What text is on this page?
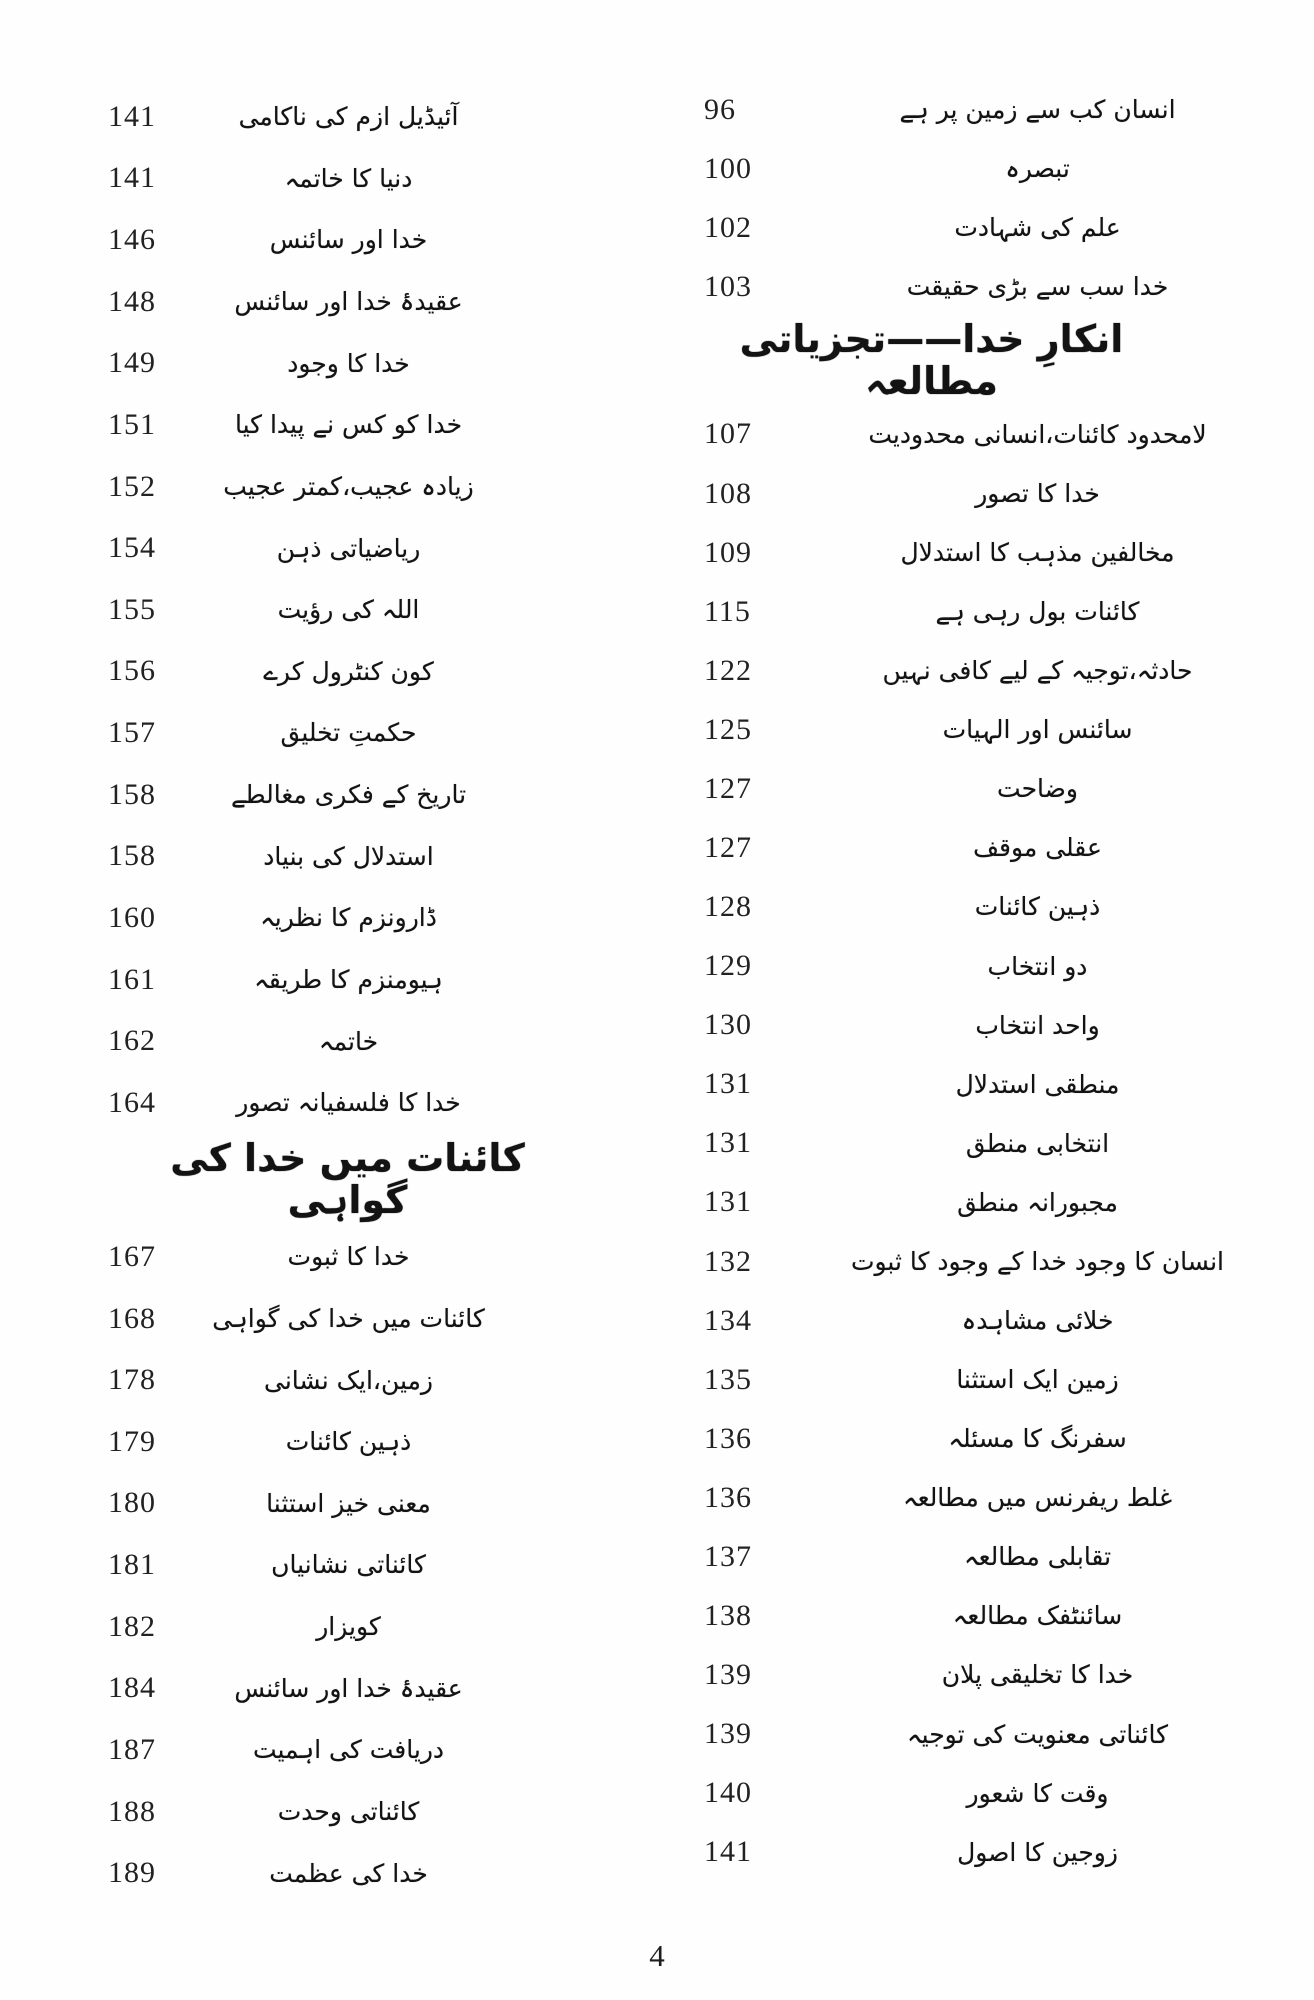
141	آئیڈیل ازم کی ناکامی
141	دنیا کا خاتمہ
146	خدا اور سائنس
148	عقیدۂ خدا اور سائنس
149	خدا کا وجود
151	خدا کو کس نے پیدا کیا
152	زیادہ عجیب،کمتر عجیب
154	ریاضیاتی ذہن
155	اللہ کی رؤیت
156	کون کنٹرول کرے
157	حکمتِ تخلیق
158	تاریخ کے فکری مغالطے
158	استدلال کی بنیاد
160	ڈارونزم کا نظریہ
161	ہیومنزم کا طریقہ
162	خاتمہ
164	خدا کا فلسفیانہ تصور
کائنات میں خدا کی گواہی
167	خدا کا ثبوت
168	کائنات میں خدا کی گواہی
178	زمین،ایک نشانی
179	ذہین کائنات
180	معنی خیز استثنا
181	کائناتی نشانیاں
182	کویزار
184	عقیدۂ خدا اور سائنس
187	دریافت کی اہمیت
188	کائناتی وحدت
189	خدا کی عظمت
96	انسان کب سے زمین پر ہے
100	تبصرہ
102	علم کی شہادت
103	خدا سب سے بڑی حقیقت
انکارِ خدا——تجزیاتی مطالعہ
107	لامحدود کائنات،انسانی محدودیت
108	خدا کا تصور
109	مخالفین مذہب کا استدلال
115	کائنات بول رہی ہے
122	حادثہ،توجیہ کے لیے کافی نہیں
125	سائنس اور الہیات
127	وضاحت
127	عقلی موقف
128	ذہین کائنات
129	دو انتخاب
130	واحد انتخاب
131	منطقی استدلال
131	انتخابی منطق
131	مجبورانہ منطق
132	انسان کا وجود خدا کے وجود کا ثبوت
134	خلائی مشاہدہ
135	زمین ایک استثنا
136	سفرنگ کا مسئلہ
136	غلط ریفرنس میں مطالعہ
137	تقابلی مطالعہ
138	سائنٹفک مطالعہ
139	خدا کا تخلیقی پلان
139	کائناتی معنویت کی توجیہ
140	وقت کا شعور
141	زوجین کا اصول
4
